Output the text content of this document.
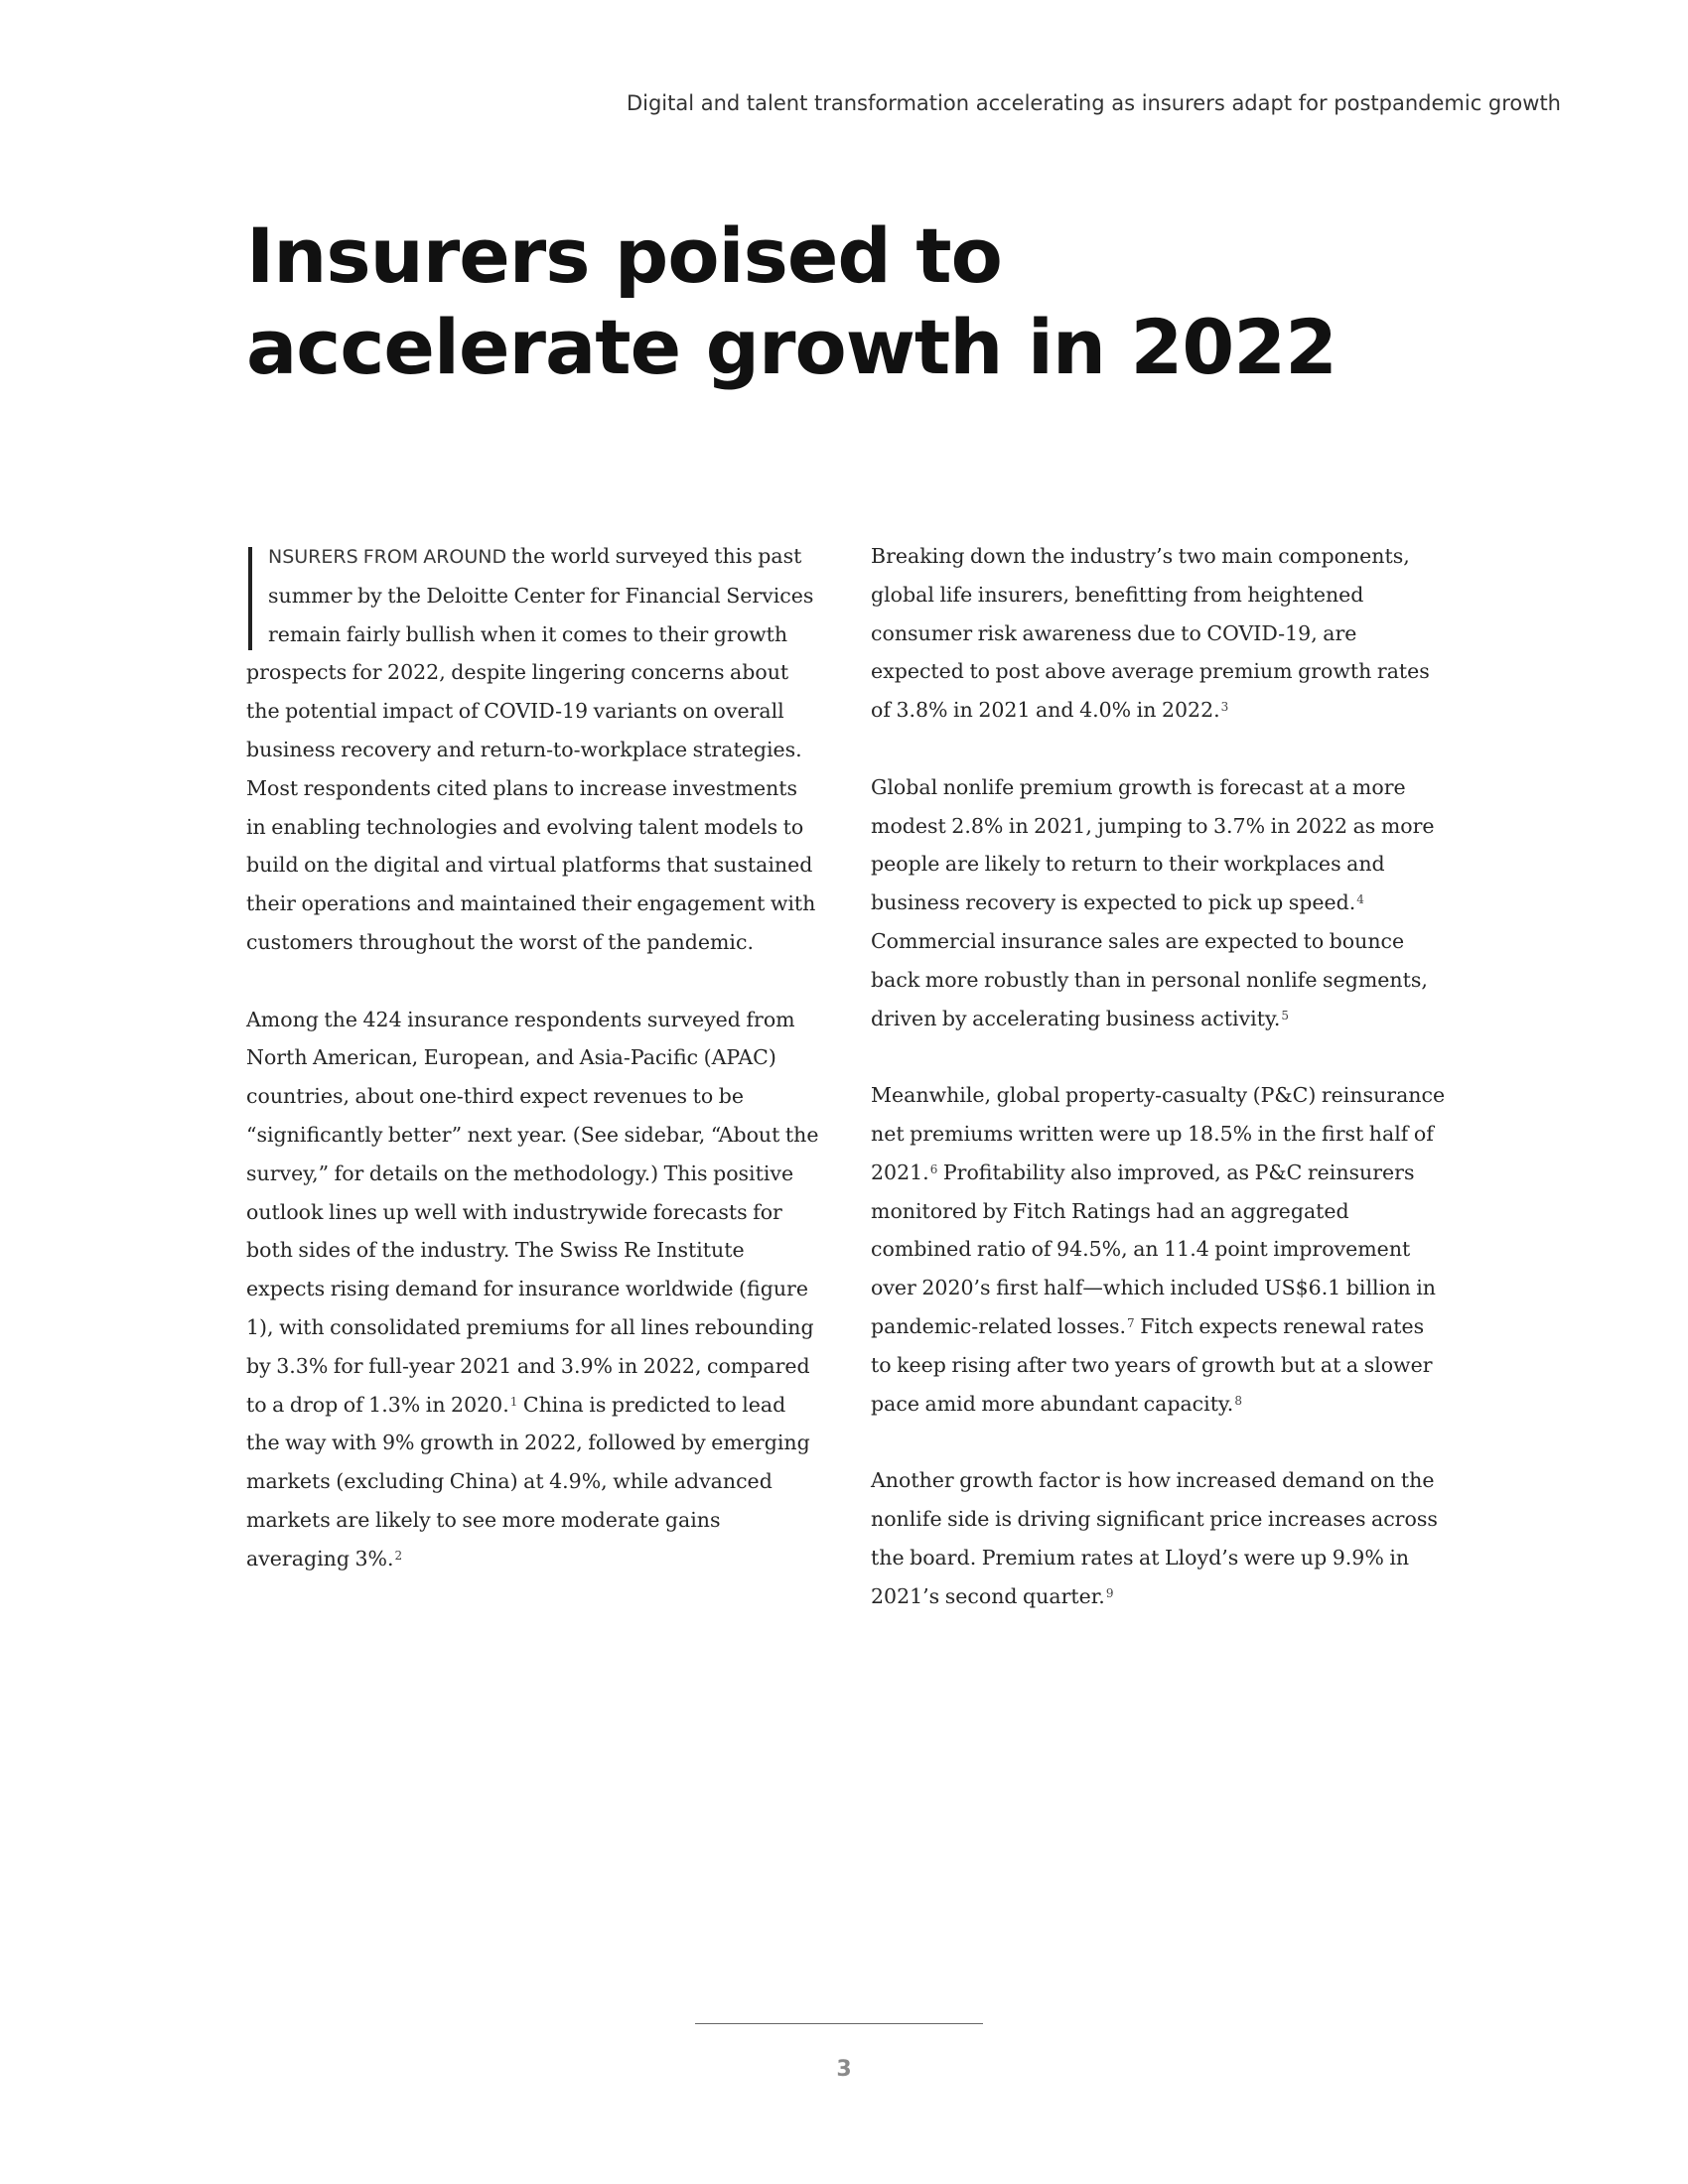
Digital and talent transformation accelerating as insurers adapt for postpandemic growth
Insurers poised to
accelerate growth in 2022

NSURERS FROM AROUND the world surveyed this past summer by the Deloitte Center for Financial Services remain fairly bullish when it comes to their growth prospects for 2022, despite lingering concerns about the potential impact of COVID-19 variants on overall business recovery and return-to-workplace strategies. Most respondents cited plans to increase investments in enabling technologies and evolving talent models to build on the digital and virtual platforms that sustained their operations and maintained their engagement with customers throughout the worst of the pandemic.

Among the 424 insurance respondents surveyed from North American, European, and Asia-Pacific (APAC) countries, about one-third expect revenues to be “significantly better” next year. (See sidebar, “About the survey,” for details on the methodology.) This positive outlook lines up well with industrywide forecasts for both sides of the industry. The Swiss Re Institute expects rising demand for insurance worldwide (figure 1), with consolidated premiums for all lines rebounding by 3.3% for full-year 2021 and 3.9% in 2022, compared to a drop of 1.3% in 2020.$^1$ China is predicted to lead the way with 9% growth in 2022, followed by emerging markets (excluding China) at 4.9%, while advanced markets are likely to see more moderate gains averaging 3%.$^2$

Breaking down the industry’s two main components, global life insurers, benefitting from heightened consumer risk awareness due to COVID-19, are expected to post above average premium growth rates of 3.8% in 2021 and 4.0% in 2022.$^3$

Global nonlife premium growth is forecast at a more modest 2.8% in 2021, jumping to 3.7% in 2022 as more people are likely to return to their workplaces and business recovery is expected to pick up speed.$^4$ Commercial insurance sales are expected to bounce back more robustly than in personal nonlife segments, driven by accelerating business activity.$^5$

Meanwhile, global property-casualty (P&C) reinsurance net premiums written were up 18.5% in the first half of 2021.$^6$ Profitability also improved, as P&C reinsurers monitored by Fitch Ratings had an aggregated combined ratio of 94.5%, an 11.4 point improvement over 2020’s first half—which included US$6.1 billion in pandemic-related losses.$^7$ Fitch expects renewal rates to keep rising after two years of growth but at a slower pace amid more abundant capacity.$^8$

Another growth factor is how increased demand on the nonlife side is driving significant price increases across the board. Premium rates at Lloyd’s were up 9.9% in 2021’s second quarter.$^9$

3
